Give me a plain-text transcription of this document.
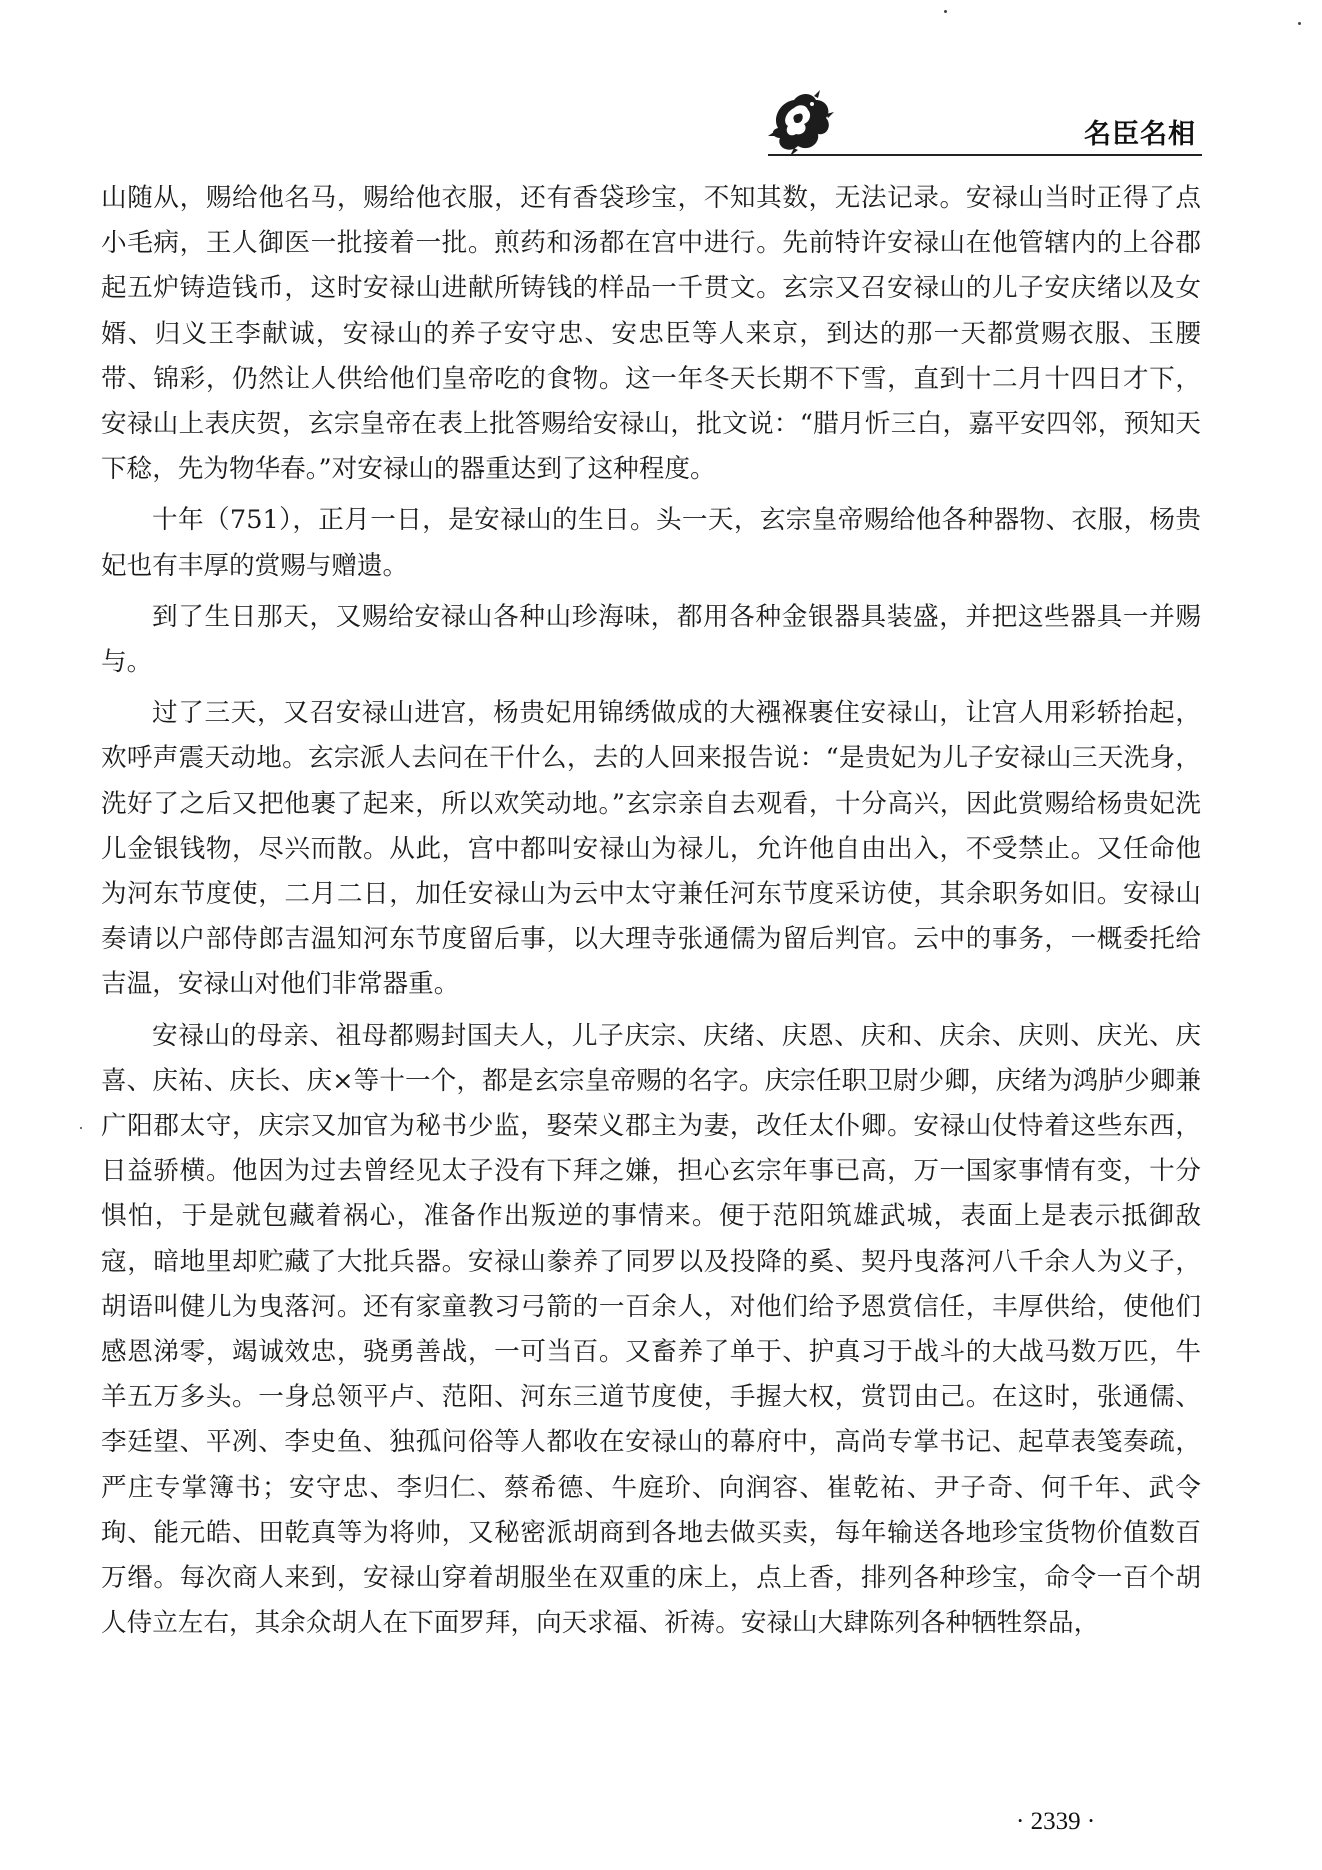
名臣名相

山随从，赐给他名马，赐给他衣服，还有香袋珍宝，不知其数，无法记录。安禄山当时正得了点小毛病，王人御医一批接着一批。煎药和汤都在宫中进行。先前特许安禄山在他管辖内的上谷郡起五炉铸造钱币，这时安禄山进献所铸钱的样品一千贯文。玄宗又召安禄山的儿子安庆绪以及女婿、归义王李献诚，安禄山的养子安守忠、安忠臣等人来京，到达的那一天都赏赐衣服、玉腰带、锦彩，仍然让人供给他们皇帝吃的食物。这一年冬天长期不下雪，直到十二月十四日才下，安禄山上表庆贺，玄宗皇帝在表上批答赐给安禄山，批文说：“腊月忻三白，嘉平安四邻，预知天下稔，先为物华春。”对安禄山的器重达到了这种程度。

十年（751），正月一日，是安禄山的生日。头一天，玄宗皇帝赐给他各种器物、衣服，杨贵妃也有丰厚的赏赐与赠遗。

到了生日那天，又赐给安禄山各种山珍海味，都用各种金银器具装盛，并把这些器具一并赐与。

过了三天，又召安禄山进宫，杨贵妃用锦绣做成的大襁褓裹住安禄山，让宫人用彩轿抬起，欢呼声震天动地。玄宗派人去问在干什么，去的人回来报告说：“是贵妃为儿子安禄山三天洗身，洗好了之后又把他裹了起来，所以欢笑动地。”玄宗亲自去观看，十分高兴，因此赏赐给杨贵妃洗儿金银钱物，尽兴而散。从此，宫中都叫安禄山为禄儿，允许他自由出入，不受禁止。又任命他为河东节度使，二月二日，加任安禄山为云中太守兼任河东节度采访使，其余职务如旧。安禄山奏请以户部侍郎吉温知河东节度留后事，以大理寺张通儒为留后判官。云中的事务，一概委托给吉温，安禄山对他们非常器重。

安禄山的母亲、祖母都赐封国夫人，儿子庆宗、庆绪、庆恩、庆和、庆余、庆则、庆光、庆喜、庆祐、庆长、庆×等十一个，都是玄宗皇帝赐的名字。庆宗任职卫尉少卿，庆绪为鸿胪少卿兼广阳郡太守，庆宗又加官为秘书少监，娶荣义郡主为妻，改任太仆卿。安禄山仗恃着这些东西，日益骄横。他因为过去曾经见太子没有下拜之嫌，担心玄宗年事已高，万一国家事情有变，十分惧怕，于是就包藏着祸心，准备作出叛逆的事情来。便于范阳筑雄武城，表面上是表示抵御敌寇，暗地里却贮藏了大批兵器。安禄山豢养了同罗以及投降的奚、契丹曳落河八千余人为义子，胡语叫健儿为曳落河。还有家童教习弓箭的一百余人，对他们给予恩赏信任，丰厚供给，使他们感恩涕零，竭诚效忠，骁勇善战，一可当百。又畜养了单于、护真习于战斗的大战马数万匹，牛羊五万多头。一身总领平卢、范阳、河东三道节度使，手握大权，赏罚由己。在这时，张通儒、李廷望、平冽、李史鱼、独孤问俗等人都收在安禄山的幕府中，高尚专掌书记、起草表笺奏疏，严庄专掌簿书；安守忠、李归仁、蔡希德、牛庭玠、向润容、崔乾祐、尹子奇、何千年、武令珣、能元皓、田乾真等为将帅，又秘密派胡商到各地去做买卖，每年输送各地珍宝货物价值数百万缗。每次商人来到，安禄山穿着胡服坐在双重的床上，点上香，排列各种珍宝，命令一百个胡人侍立左右，其余众胡人在下面罗拜，向天求福、祈祷。安禄山大肆陈列各种牺牲祭品，

· 2339 ·
